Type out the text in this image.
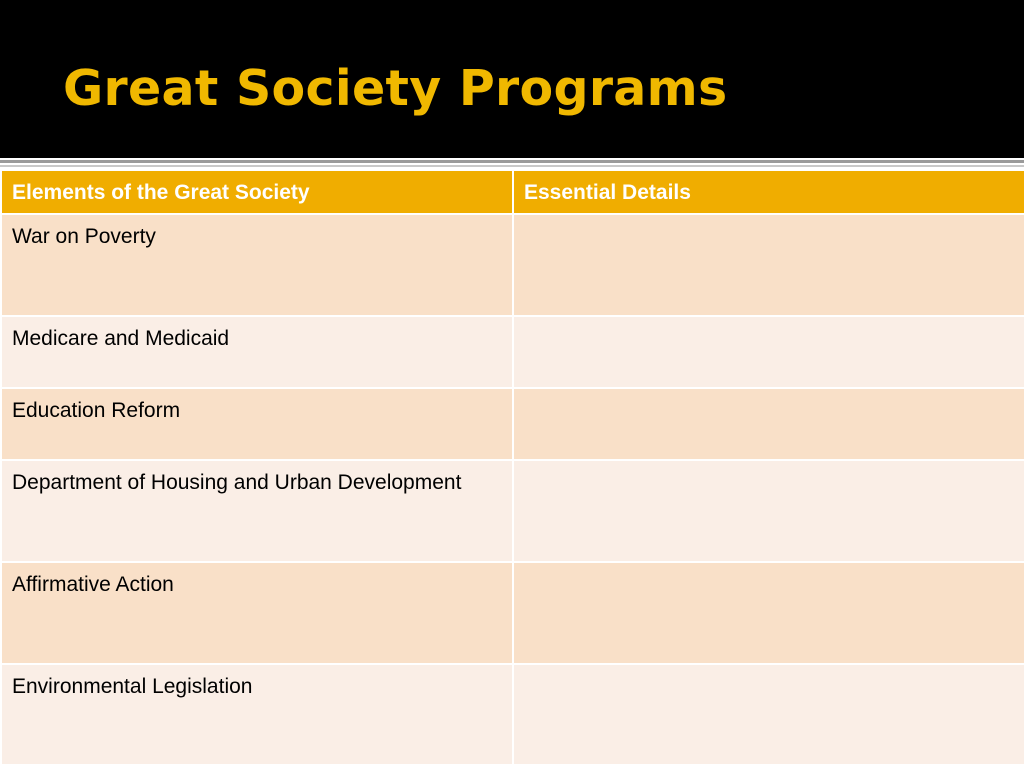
Great Society Programs
Elements of the Great Society	Essential Details
War on Poverty	
Medicare and Medicaid	
Education Reform	
Department of Housing and Urban Development	
Affirmative Action	
Environmental Legislation	
